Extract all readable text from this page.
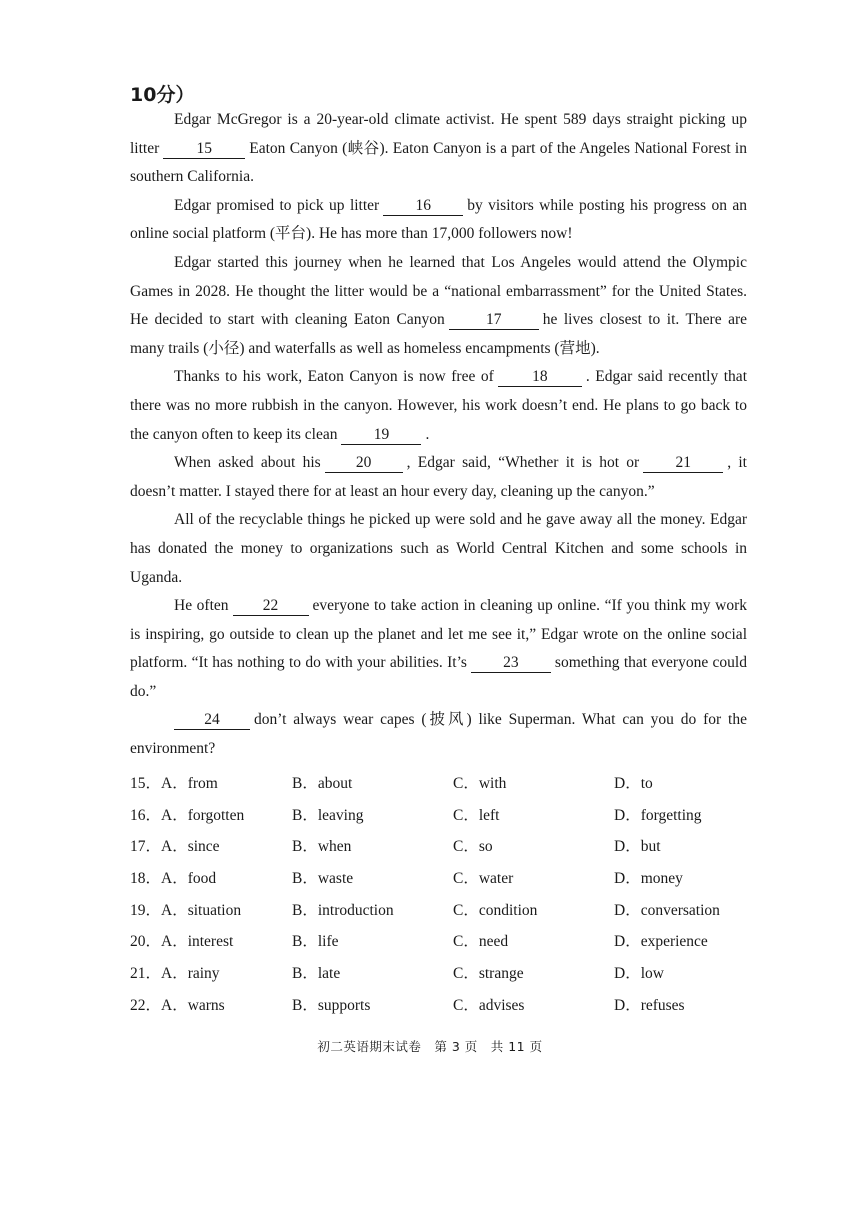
10分）

Edgar McGregor is a 20-year-old climate activist. He spent 589 days straight picking up litter 15 Eaton Canyon (峡谷). Eaton Canyon is a part of the Angeles National Forest in southern California.

Edgar promised to pick up litter 16 by visitors while posting his progress on an online social platform (平台). He has more than 17,000 followers now!

Edgar started this journey when he learned that Los Angeles would attend the Olympic Games in 2028. He thought the litter would be a “national embarrassment” for the United States. He decided to start with cleaning Eaton Canyon	17	he lives closest to it. There are many trails (小径) and waterfalls as well as homeless encampments (营地).

Thanks to his work, Eaton Canyon is now free of 18 . Edgar said recently that there was no more rubbish in the canyon. However, his work doesn’t end. He plans to go back to the canyon often to keep its clean 19 .

When asked about his 20 , Edgar said, “Whether it is hot or 21 , it doesn’t matter. I stayed there for at least an hour every day, cleaning up the canyon.”

All of the recyclable things he picked up were sold and he gave away all the money. Edgar has donated the money to organizations such as World Central Kitchen and some schools in Uganda.

He often 22 everyone to take action in cleaning up online. “If you think my work is inspiring, go outside to clean up the planet and let me see it,” Edgar wrote on the online social platform. “It has nothing to do with your abilities. It’s 23 something that everyone could do.”

24 don’t always wear capes (披风) like Superman. What can you do for the environment?

15． A．from	B．about	C．with	D．to
16． A．forgotten	B．leaving	C．left	D．forgetting
17． A．since	B．when	C．so	D．but
18． A．food	B．waste	C．water	D．money
19． A．situation	B．introduction	C．condition	D．conversation
20． A．interest	B．life	C．need	D．experience
21． A．rainy	B．late	C．strange	D．low
22． A．warns	B．supports	C．advises	D．refuses
初二英语期末试卷　第 3 页　共 11 页
